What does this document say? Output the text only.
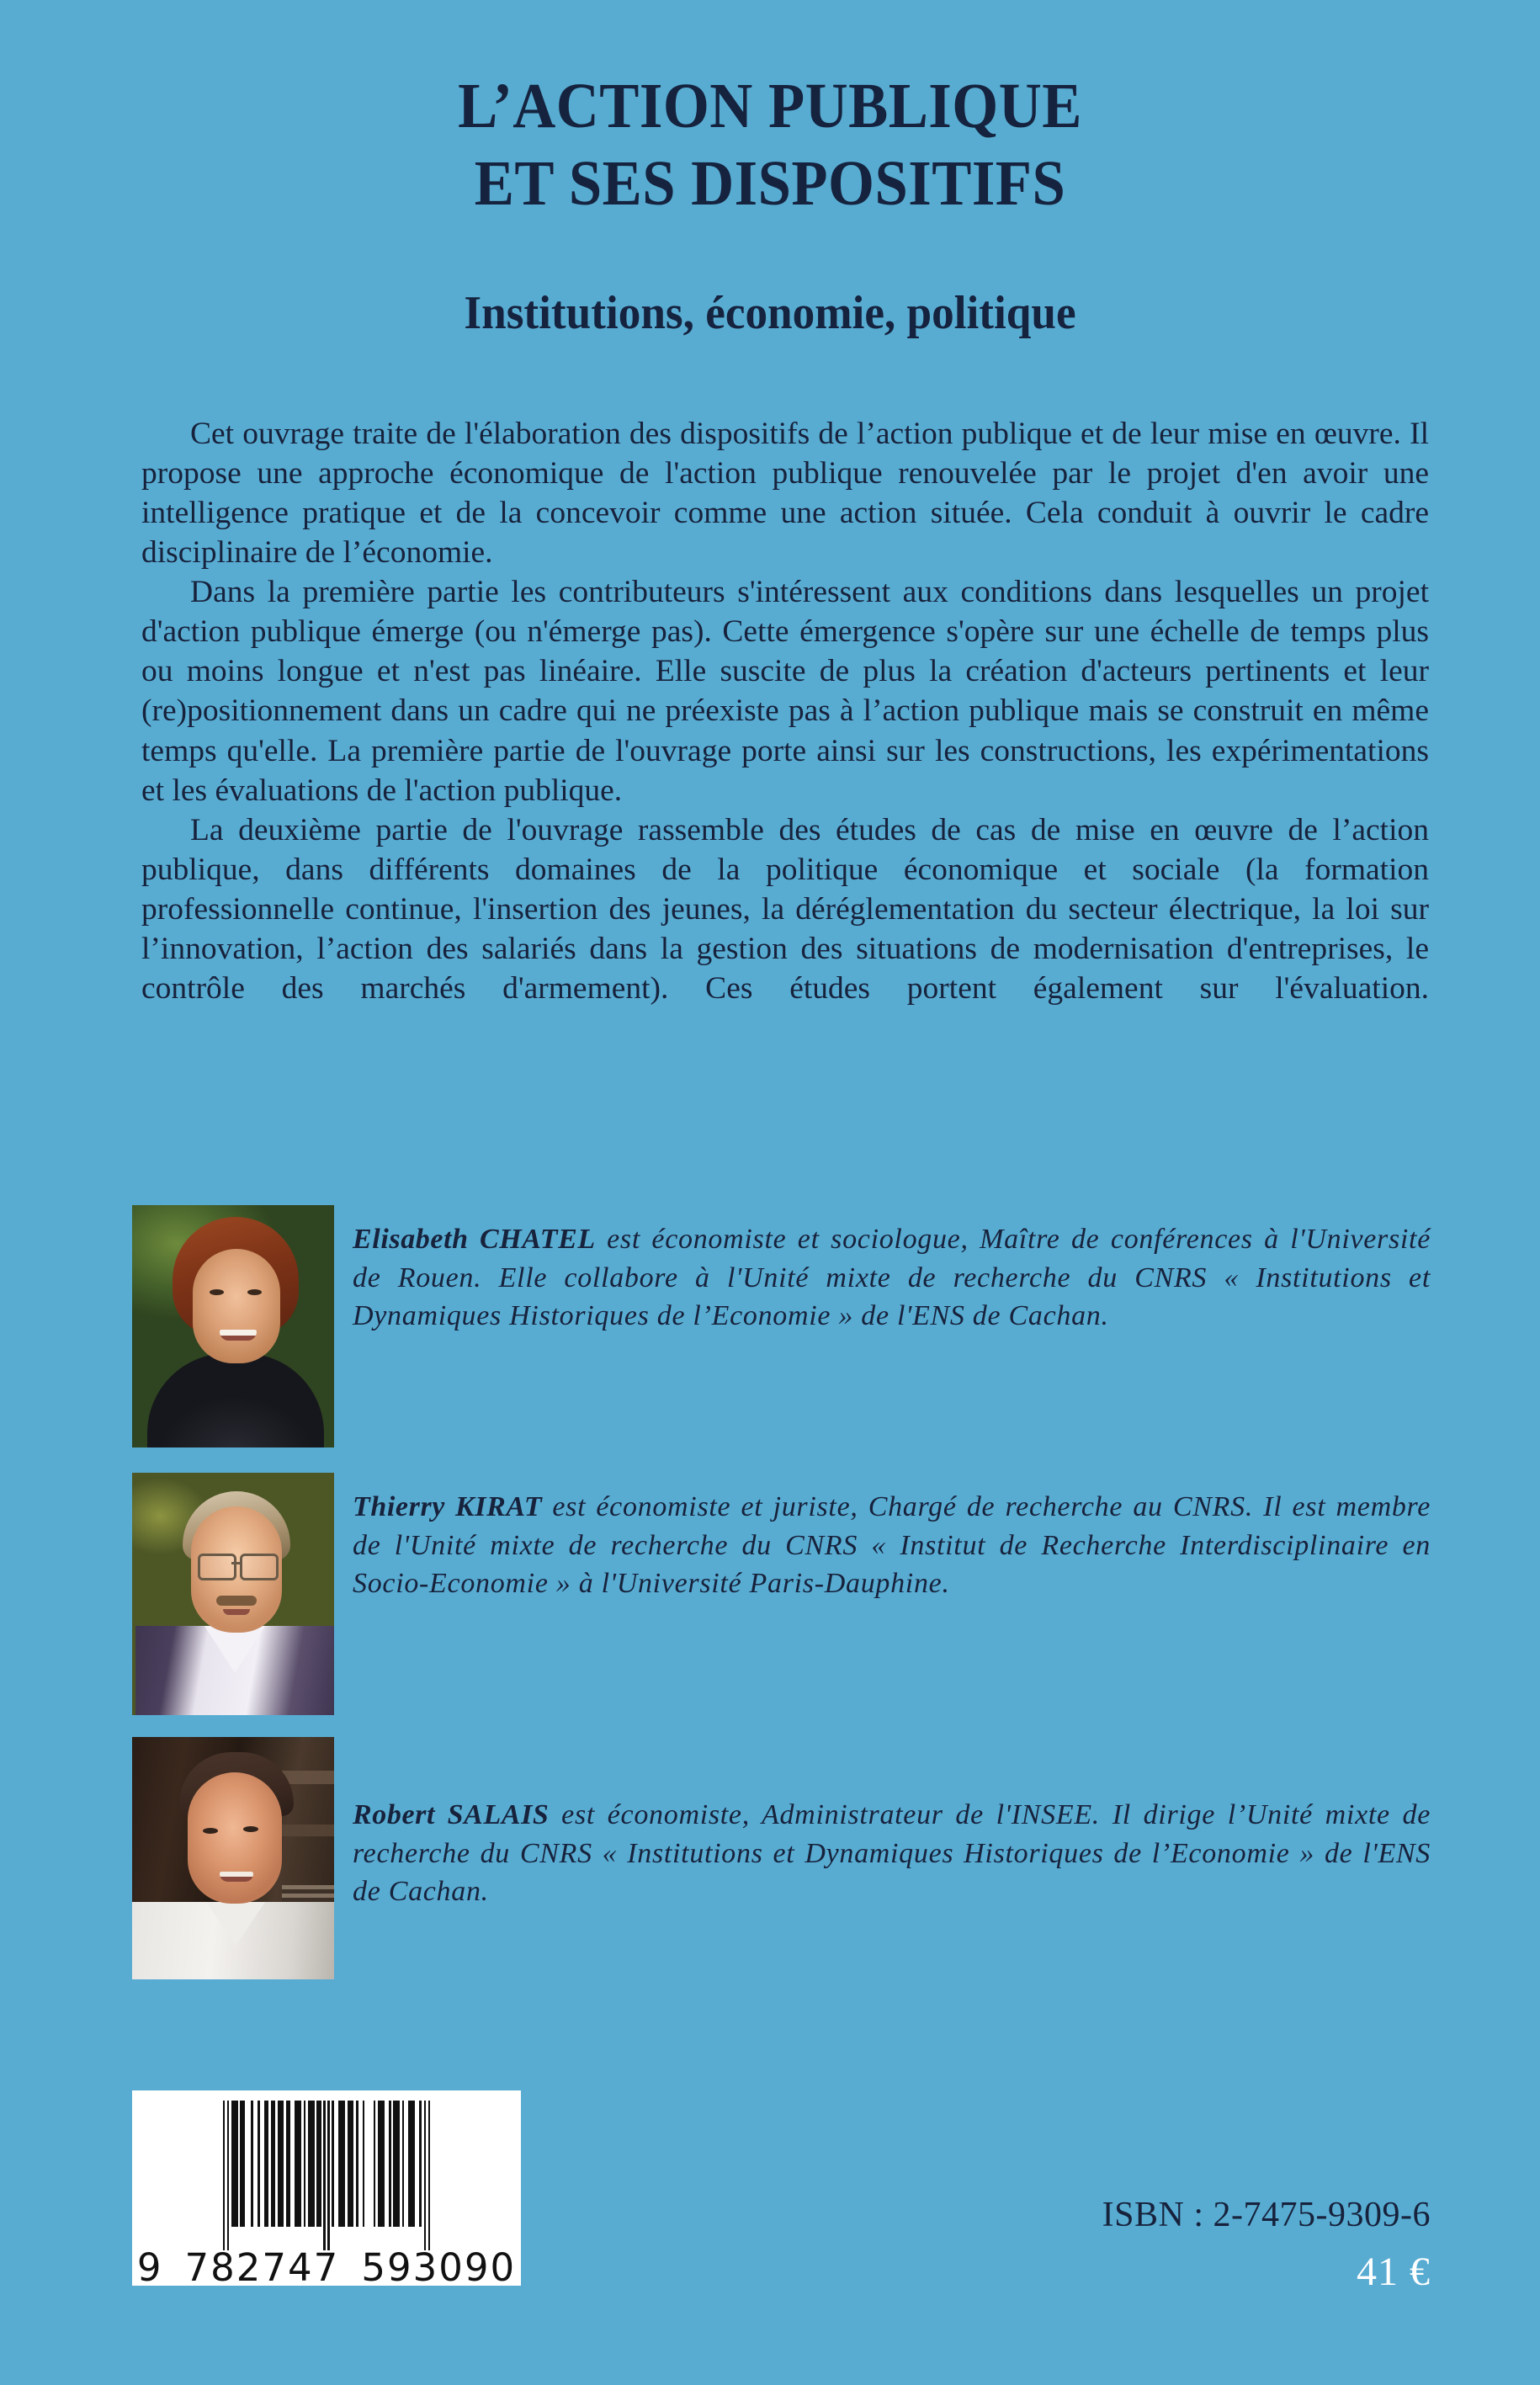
L’ACTION PUBLIQUE
ET SES DISPOSITIFS
Institutions, économie, politique

Cet ouvrage traite de l'élaboration des dispositifs de l’action publique et de leur mise en œuvre. Il propose une approche économique de l'action publique renouvelée par le projet d'en avoir une intelligence pratique et de la concevoir comme une action située. Cela conduit à ouvrir le cadre disciplinaire de l’économie.

Dans la première partie les contributeurs s'intéressent aux conditions dans lesquelles un projet d'action publique émerge (ou n'émerge pas). Cette émergence s'opère sur une échelle de temps plus ou moins longue et n'est pas linéaire. Elle suscite de plus la création d'acteurs pertinents et leur (re)positionnement dans un cadre qui ne préexiste pas à l’action publique mais se construit en même temps qu'elle. La première partie de l'ouvrage porte ainsi sur les constructions, les expérimentations et les évaluations de l'action publique.

La deuxième partie de l'ouvrage rassemble des études de cas de mise en œuvre de l’action publique, dans différents domaines de la politique économique et sociale (la formation professionnelle continue, l'insertion des jeunes, la déréglementation du secteur électrique, la loi sur l’innovation, l’action des salariés dans la gestion des situations de modernisation d'entreprises, le contrôle des marchés d'armement). Ces études portent également sur l'évaluation.

Elisabeth CHATEL est économiste et sociologue, Maître de conférences à l'Université de Rouen. Elle collabore à l'Unité mixte de recherche du CNRS « Institutions et Dynamiques Historiques de l’Economie » de l'ENS de Cachan.
Thierry KIRAT est économiste et juriste, Chargé de recherche au CNRS. Il est membre de l'Unité mixte de recherche du CNRS « Institut de Recherche Interdisciplinaire en Socio-Economie » à l'Université Paris-Dauphine.
Robert SALAIS est économiste, Administrateur de l'INSEE. Il dirige l’Unité mixte de recherche du CNRS « Institutions et Dynamiques Historiques de l’Economie » de l'ENS de Cachan.
9 782747 593090
ISBN : 2-7475-9309-6
41 €
